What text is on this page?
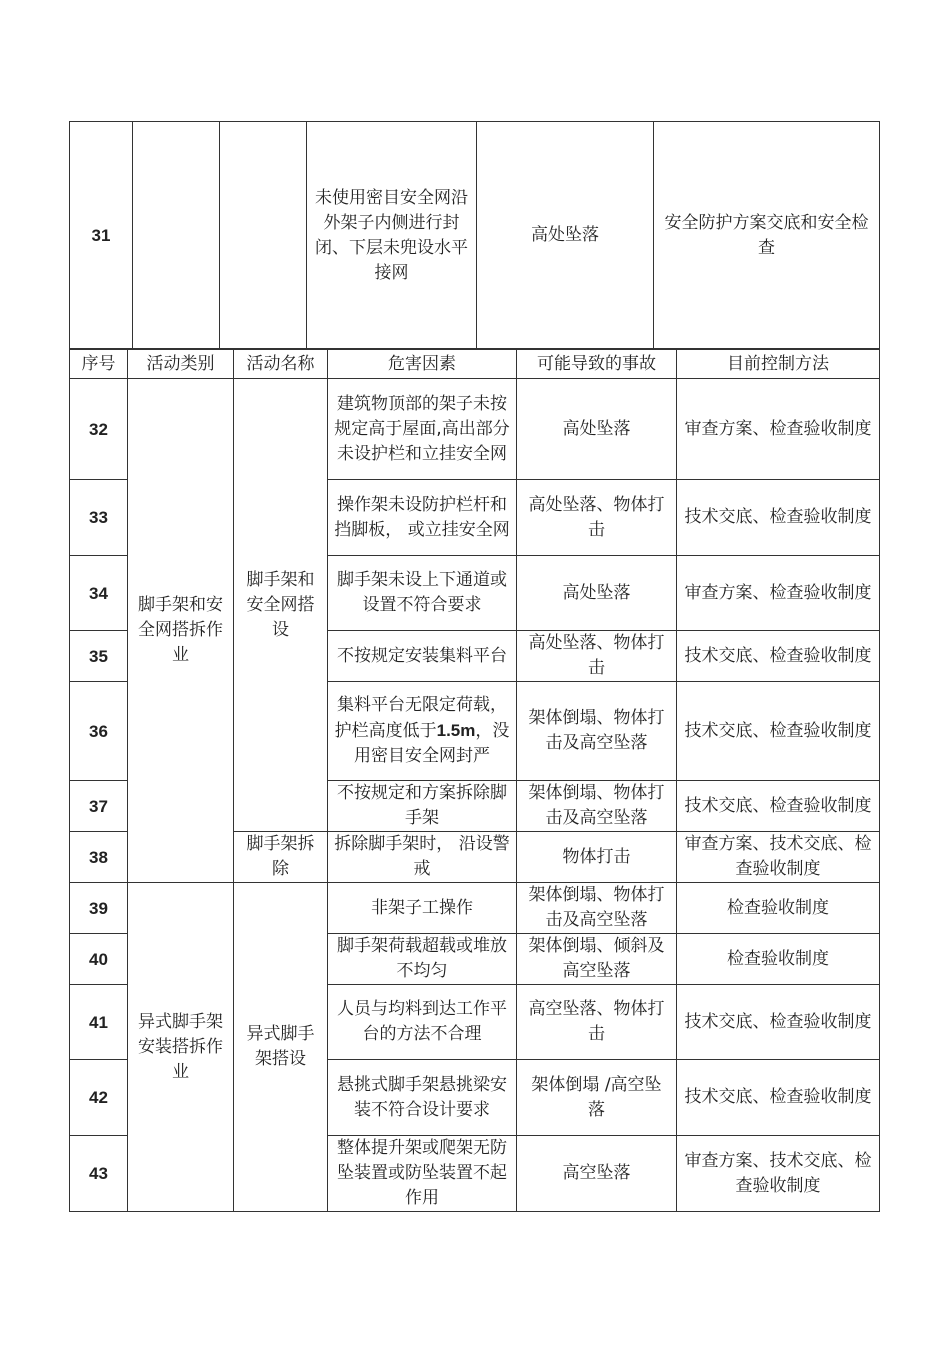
31			未使用密目安全网沿外架子内侧进行封闭、下层未兜设水平接网	高处坠落	安全防护方案交底和安全检查
序号	活动类别	活动名称	危害因素	可能导致的事故	目前控制方法
32	脚手架和安全网搭拆作业	脚手架和安全网搭设	建筑物顶部的架子未按规定高于屋面,高出部分未设护栏和立挂安全网	高处坠落	审查方案、检查验收制度
33			操作架未设防护栏杆和挡脚板， 或立挂安全网	高处坠落、物体打击	技术交底、检查验收制度
34			脚手架未设上下通道或设置不符合要求	高处坠落	审查方案、检查验收制度
35			不按规定安装集料平台	高处坠落、物体打击	技术交底、检查验收制度
36			集料平台无限定荷载，护栏高度低于1.5m，没用密目安全网封严	架体倒塌、物体打击及高空坠落	技术交底、检查验收制度
37			不按规定和方案拆除脚手架	架体倒塌、物体打击及高空坠落	技术交底、检查验收制度
38		脚手架拆除	拆除脚手架时， 沿设警戒	物体打击	审查方案、技术交底、检查验收制度
39	异式脚手架安装搭拆作业	异式脚手架搭设	非架子工操作	架体倒塌、物体打击及高空坠落	检查验收制度
40			脚手架荷载超载或堆放不均匀	架体倒塌、倾斜及高空坠落	检查验收制度
41			人员与均料到达工作平台的方法不合理	高空坠落、物体打击	技术交底、检查验收制度
42			悬挑式脚手架悬挑梁安装不符合设计要求	架体倒塌 /高空坠落	技术交底、检查验收制度
43			整体提升架或爬架无防坠装置或防坠装置不起作用	高空坠落	审查方案、技术交底、检查验收制度
